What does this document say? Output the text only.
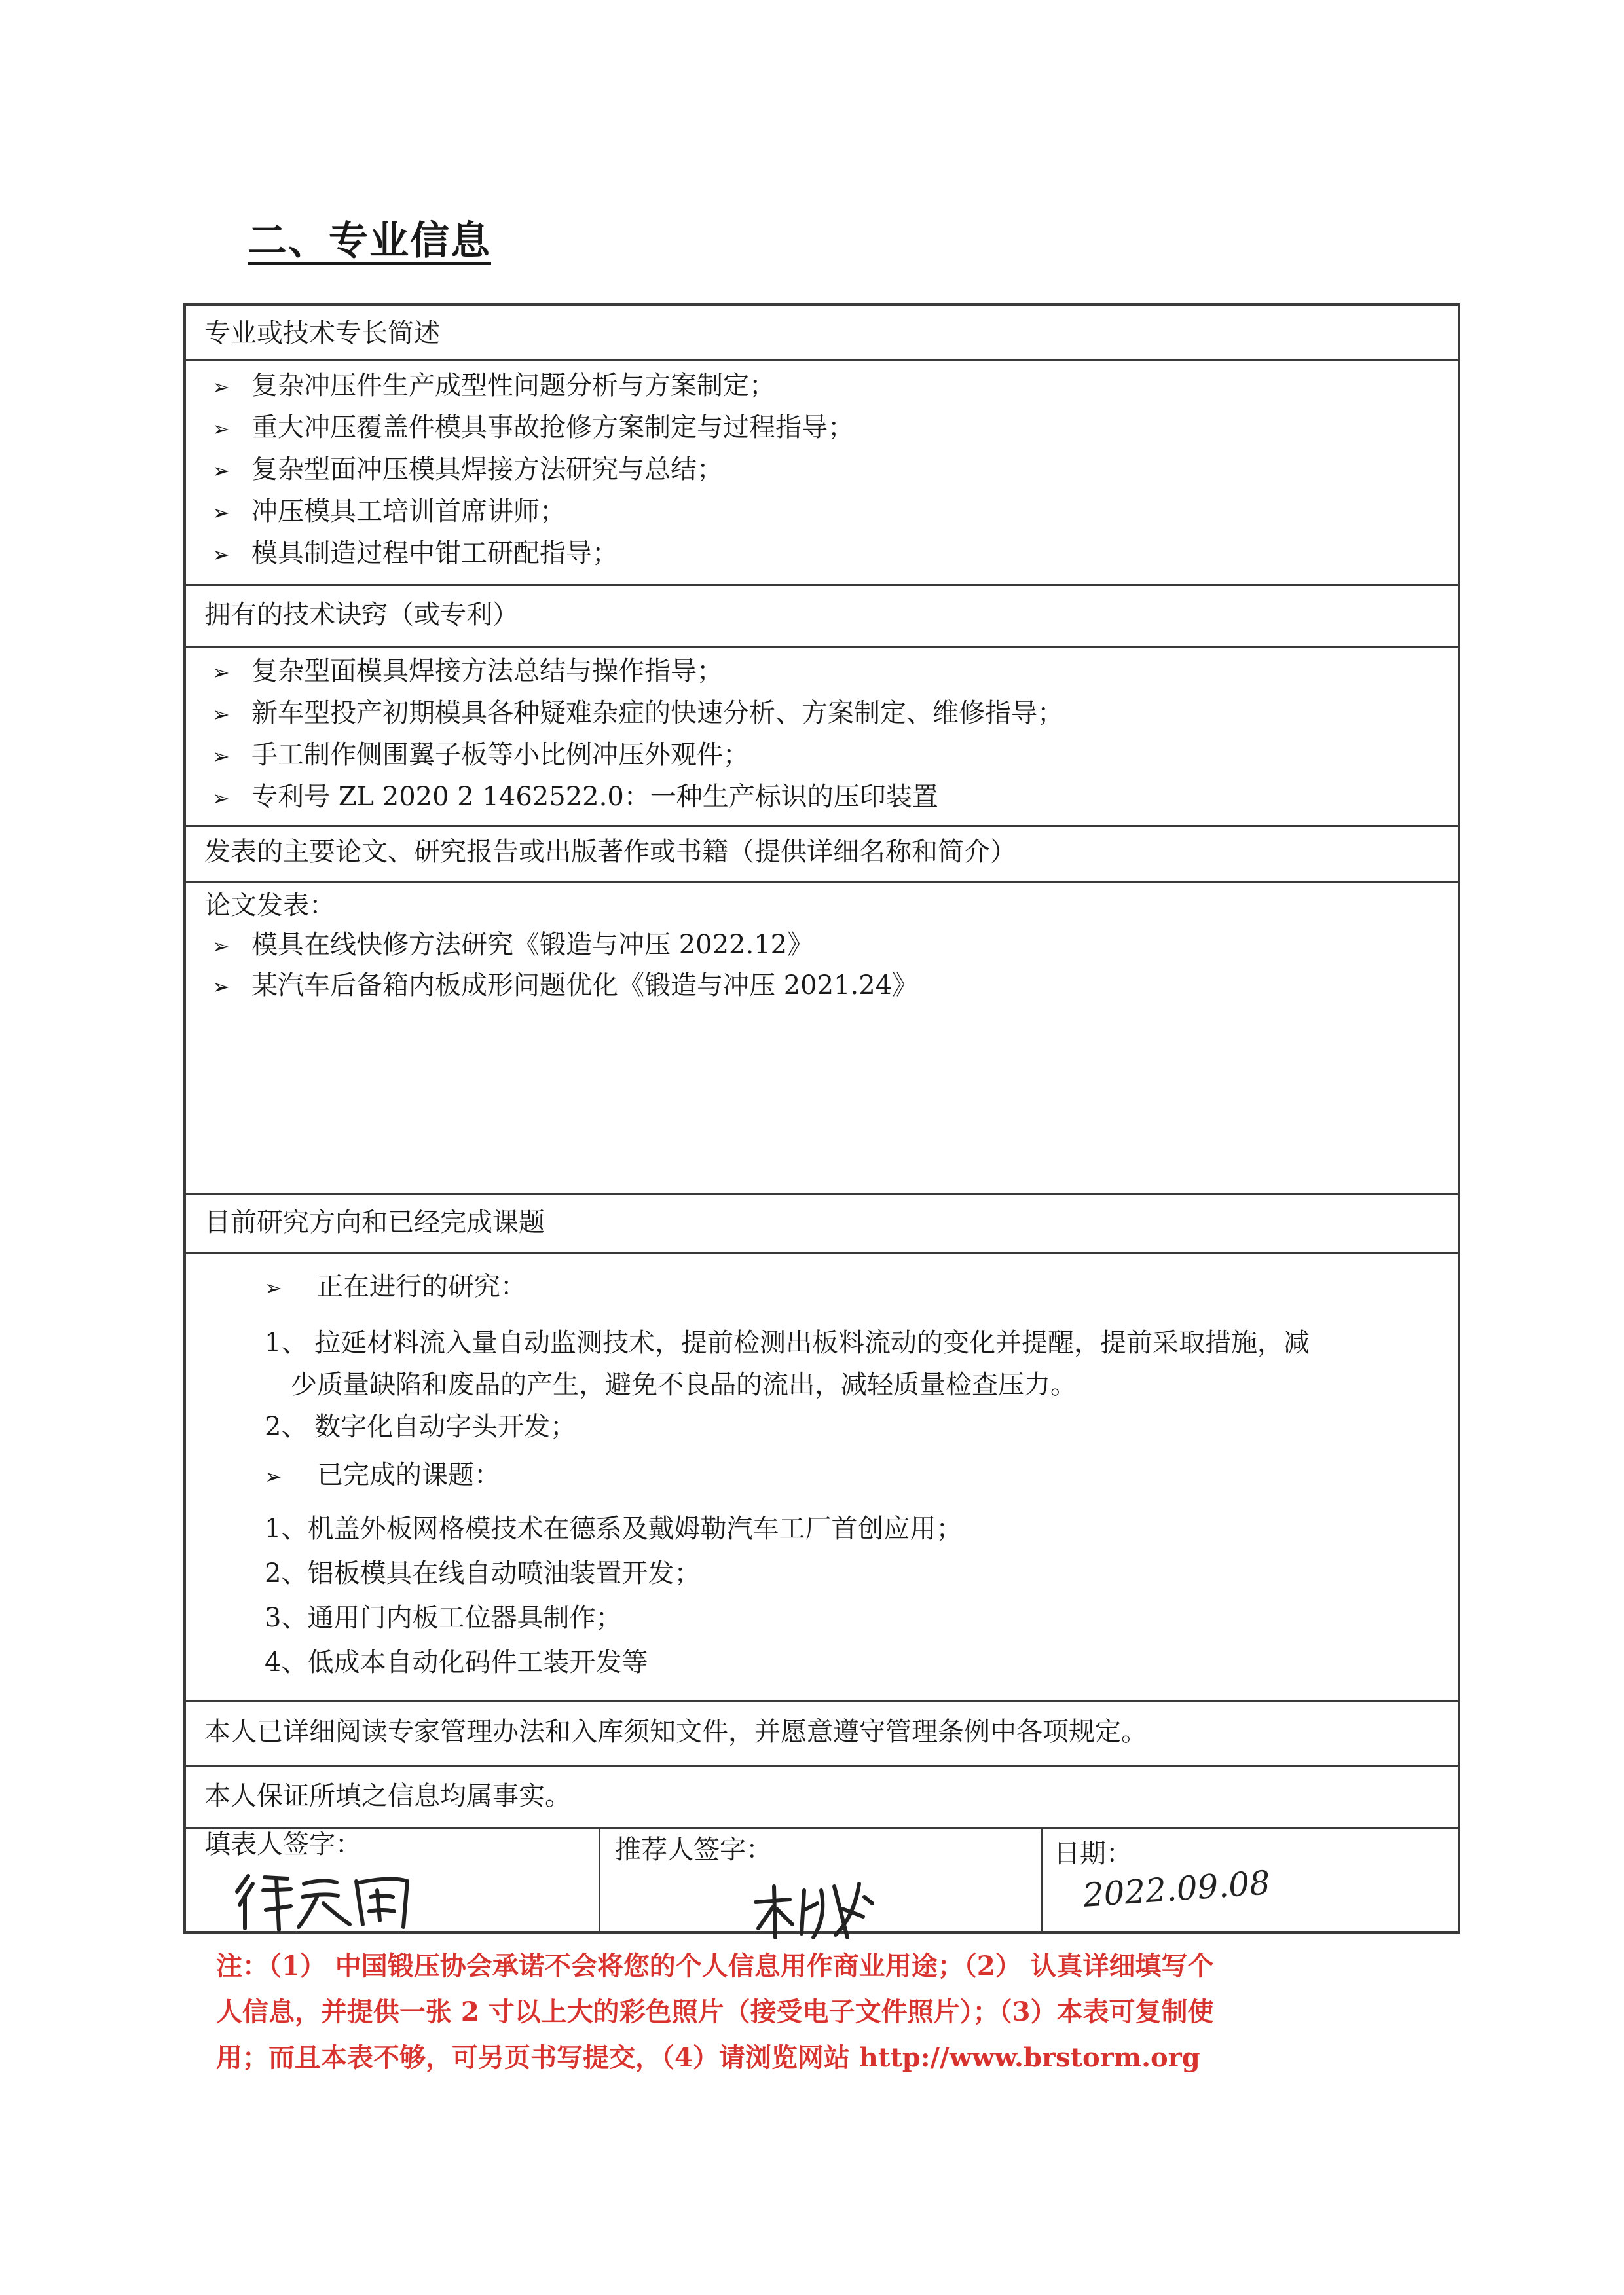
二、专业信息
专业或技术专长简述
➢ 复杂冲压件生产成型性问题分析与方案制定；
➢ 重大冲压覆盖件模具事故抢修方案制定与过程指导；
➢ 复杂型面冲压模具焊接方法研究与总结；
➢ 冲压模具工培训首席讲师；
➢ 模具制造过程中钳工研配指导；
拥有的技术诀窍（或专利）
➢ 复杂型面模具焊接方法总结与操作指导；
➢ 新车型投产初期模具各种疑难杂症的快速分析、方案制定、维修指导；
➢ 手工制作侧围翼子板等小比例冲压外观件；
➢ 专利号 ZL 2020 2 1462522.0：一种生产标识的压印装置
发表的主要论文、研究报告或出版著作或书籍（提供详细名称和简介）
论文发表：
➢ 模具在线快修方法研究《锻造与冲压 2022.12》
➢ 某汽车后备箱内板成形问题优化《锻造与冲压 2021.24》
目前研究方向和已经完成课题
➢ 正在进行的研究：
1、 拉延材料流入量自动监测技术，提前检测出板料流动的变化并提醒，提前采取措施，减
少质量缺陷和废品的产生，避免不良品的流出，减轻质量检查压力。
2、 数字化自动字头开发；
➢ 已完成的课题：
1、机盖外板网格模技术在德系及戴姆勒汽车工厂首创应用；
2、铝板模具在线自动喷油装置开发；
3、通用门内板工位器具制作；
4、低成本自动化码件工装开发等
本人已详细阅读专家管理办法和入库须知文件，并愿意遵守管理条例中各项规定。
本人保证所填之信息均属事实。
填表人签字：	推荐人签字：	日期：
2022.09.08

注：（1） 中国锻压协会承诺不会将您的个人信息用作商业用途；（2） 认真详细填写个

人信息，并提供一张 2 寸以上大的彩色照片（接受电子文件照片）；（3）本表可复制使

用；而且本表不够，可另页书写提交，（4）请浏览网站 http://www.brstorm.org
